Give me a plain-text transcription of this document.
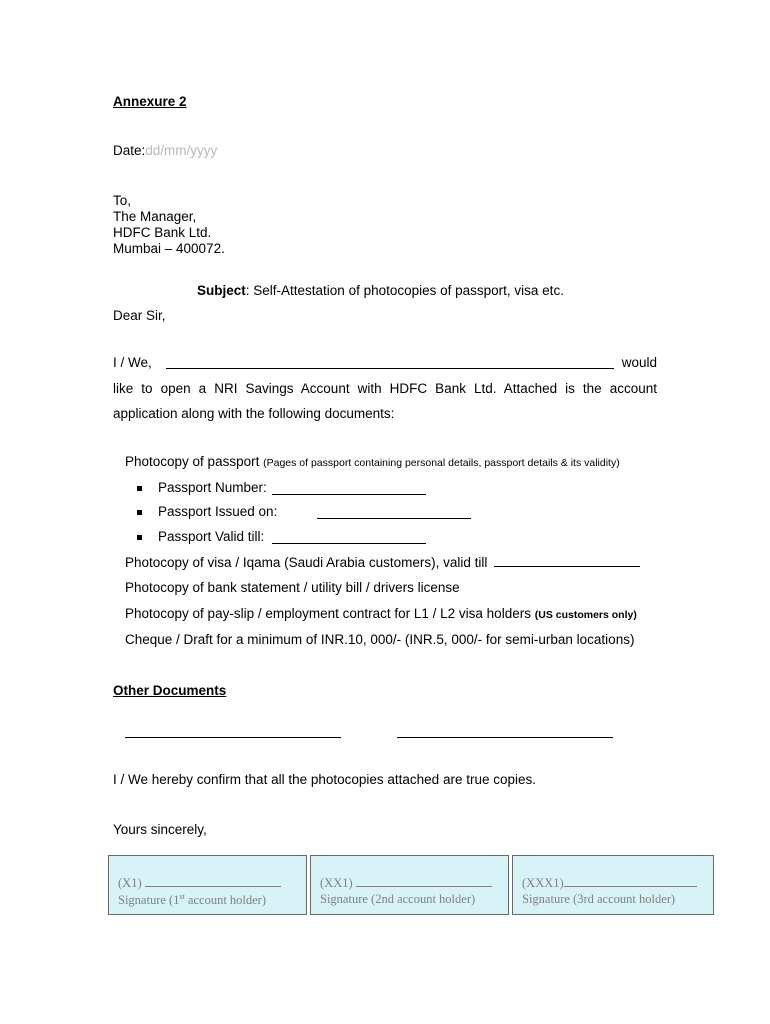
Annexure 2
Date:dd/mm/yyyy
To,
The Manager,
HDFC Bank Ltd.
Mumbai – 400072.
Subject: Self-Attestation of photocopies of passport, visa etc.
Dear Sir,
I / We,	would
like to open a NRI Savings Account with HDFC Bank Ltd. Attached is the account application along with the following documents:
Photocopy of passport (Pages of passport containing personal details, passport details & its validity)
Passport Number:
Passport Issued on:
Passport Valid till:
Photocopy of visa / Iqama (Saudi Arabia customers), valid till
Photocopy of bank statement / utility bill / drivers license
Photocopy of pay-slip / employment contract for L1 / L2 visa holders (US customers only)
Cheque / Draft for a minimum of INR.10, 000/- (INR.5, 000/- for semi-urban locations)
Other Documents
I / We hereby confirm that all the photocopies attached are true copies.
Yours sincerely,
(X1)
Signature (1st account holder)
(XX1)
Signature (2nd account holder)
(XXX1)
Signature (3rd account holder)
